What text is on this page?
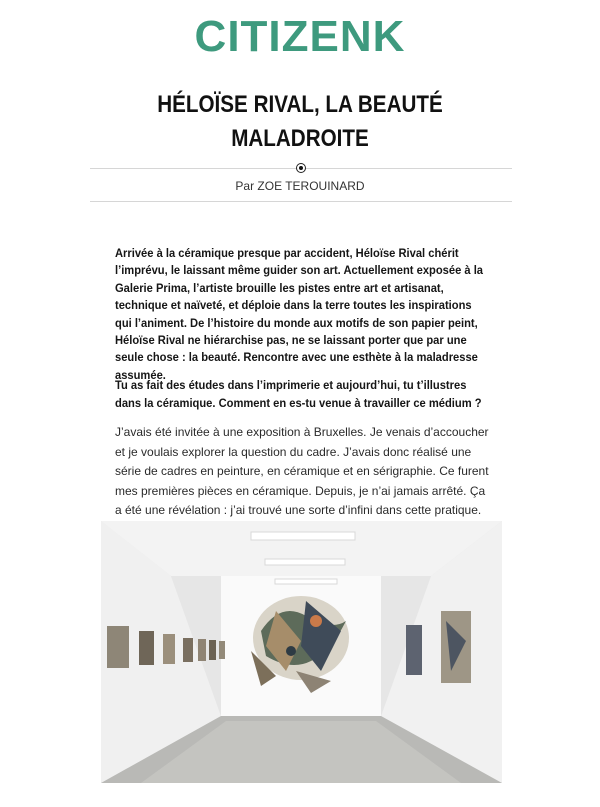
CITIZENK
HÉLOÏSE RIVAL, LA BEAUTÉ
MALADROITE
Par ZOE TEROUINARD

Arrivée à la céramique presque par accident, Héloïse Rival chérit l’imprévu, le laissant même guider son art. Actuellement exposée à la Galerie Prima, l’artiste brouille les pistes entre art et artisanat, technique et naïveté, et déploie dans la terre toutes les inspirations qui l’animent. De l’histoire du monde aux motifs de son papier peint, Héloïse Rival ne hiérarchise pas, ne se laissant porter que par une seule chose : la beauté. Rencontre avec une esthète à la maladresse assumée.

Tu as fait des études dans l’imprimerie et aujourd’hui, tu t’illustres dans la céramique. Comment en es-tu venue à travailler ce médium ?

J’avais été invitée à une exposition à Bruxelles. Je venais d’accoucher et je voulais explorer la question du cadre. J’avais donc réalisé une série de cadres en peinture, en céramique et en sérigraphie. Ce furent mes premières pièces en céramique. Depuis, je n’ai jamais arrêté. Ça a été une révélation : j’ai trouvé une sorte d’infini dans cette pratique.
